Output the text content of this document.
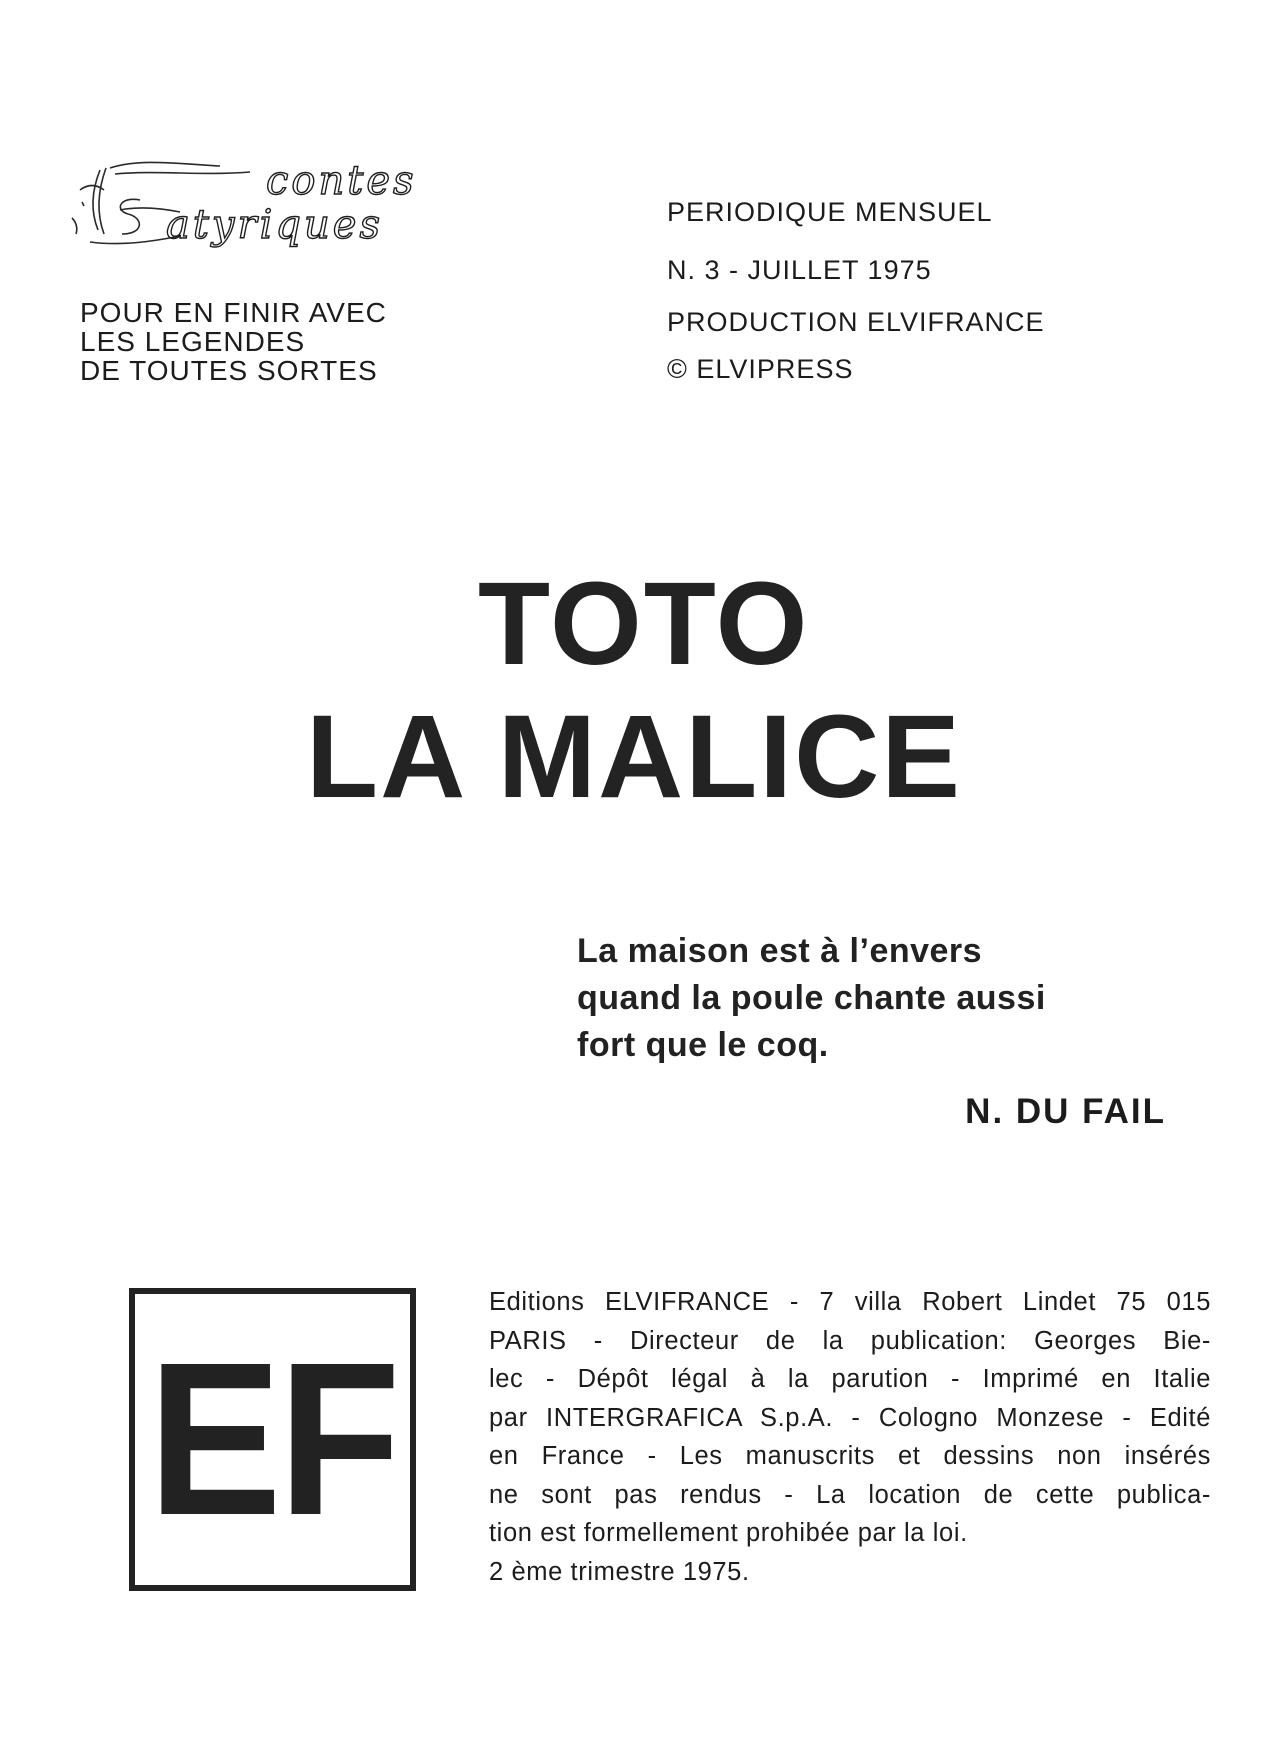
contes
atyriques
POUR EN FINIR AVEC
LES LEGENDES
DE TOUTES SORTES
PERIODIQUE MENSUEL
N. 3 - JUILLET 1975
PRODUCTION ELVIFRANCE
© ELVIPRESS
TOTO
LA MALICE
La maison est à l’envers
quand la poule chante aussi
fort que le coq.
N. DU FAIL
EF
Editions ELVIFRANCE - 7 villa Robert Lindet 75 015
PARIS - Directeur de la publication: Georges Bie-
lec - Dépôt légal à la parution - Imprimé en Italie
par INTERGRAFICA S.p.A. - Cologno Monzese - Edité
en France - Les manuscrits et dessins non insérés
ne sont pas rendus - La location de cette publica-
tion est formellement prohibée par la loi.
2 ème trimestre 1975.
